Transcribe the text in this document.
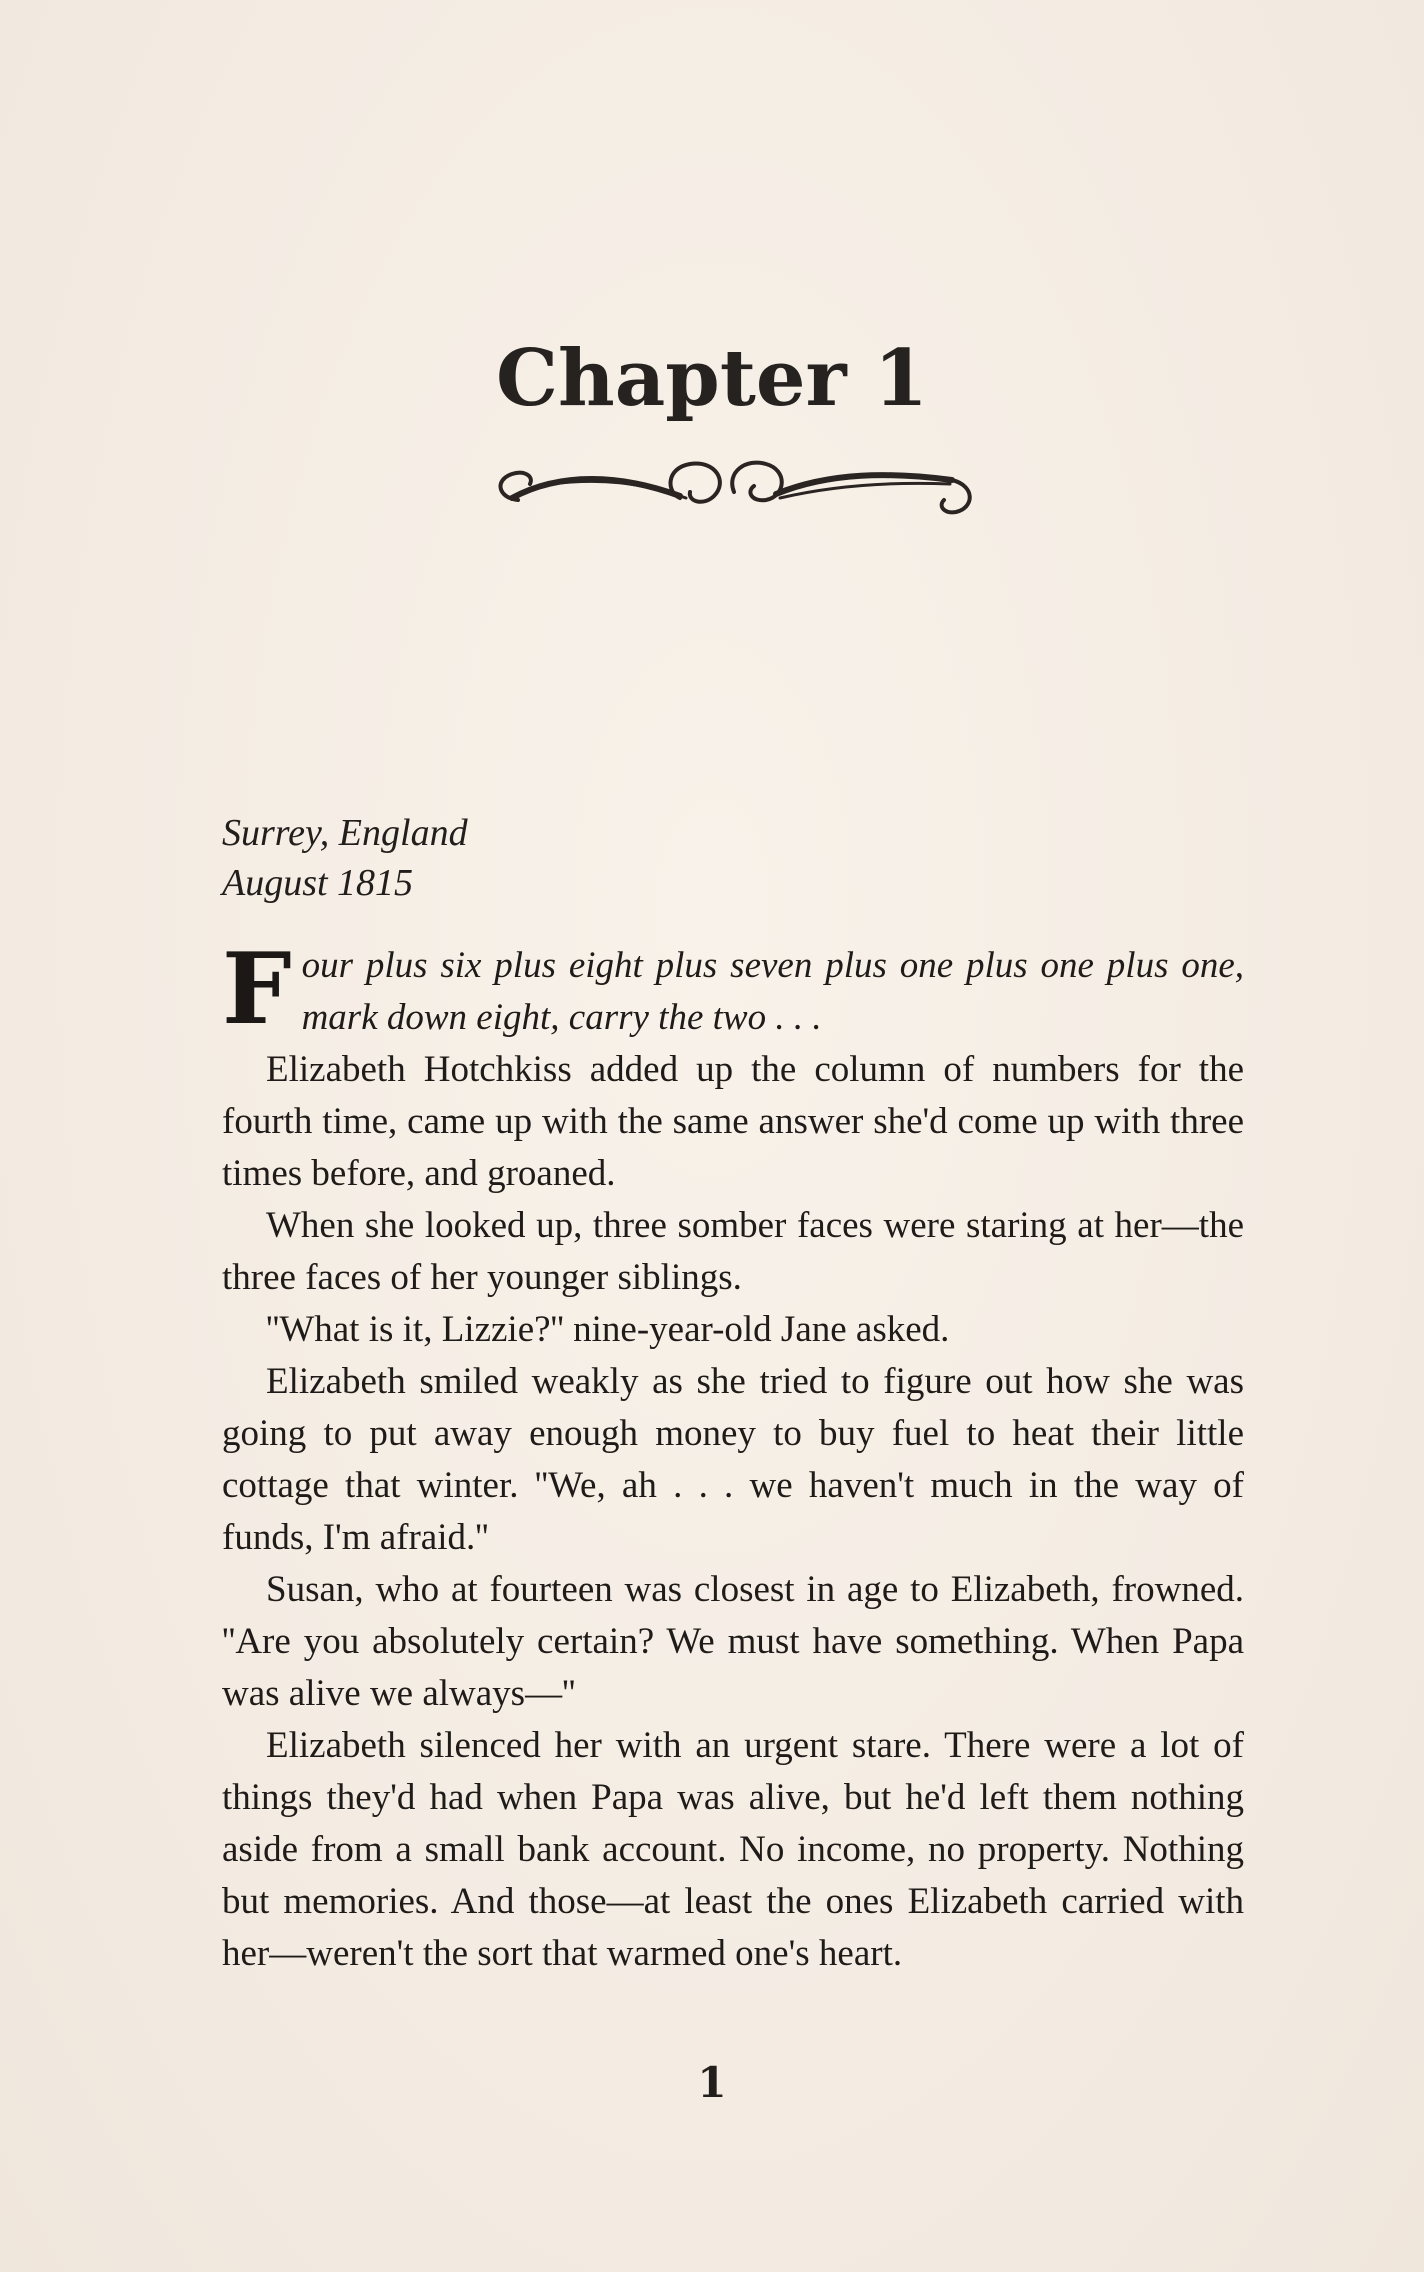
Chapter 1
Surrey, England
August 1815

Four plus six plus eight plus seven plus one plus one plus one, mark down eight, carry the two . . .

Elizabeth Hotchkiss added up the column of numbers for the fourth time, came up with the same answer she'd come up with three times before, and groaned.

When she looked up, three somber faces were staring at her—the three faces of her younger siblings.

''What is it, Lizzie?'' nine-year-old Jane asked.

Elizabeth smiled weakly as she tried to figure out how she was going to put away enough money to buy fuel to heat their little cottage that winter. ''We, ah . . . we haven't much in the way of funds, I'm afraid.''

Susan, who at fourteen was closest in age to Elizabeth, frowned. ''Are you absolutely certain? We must have something. When Papa was alive we always—''

Elizabeth silenced her with an urgent stare. There were a lot of things they'd had when Papa was alive, but he'd left them nothing aside from a small bank account. No income, no property. Nothing but memories. And those—at least the ones Elizabeth carried with her—weren't the sort that warmed one's heart.

1
